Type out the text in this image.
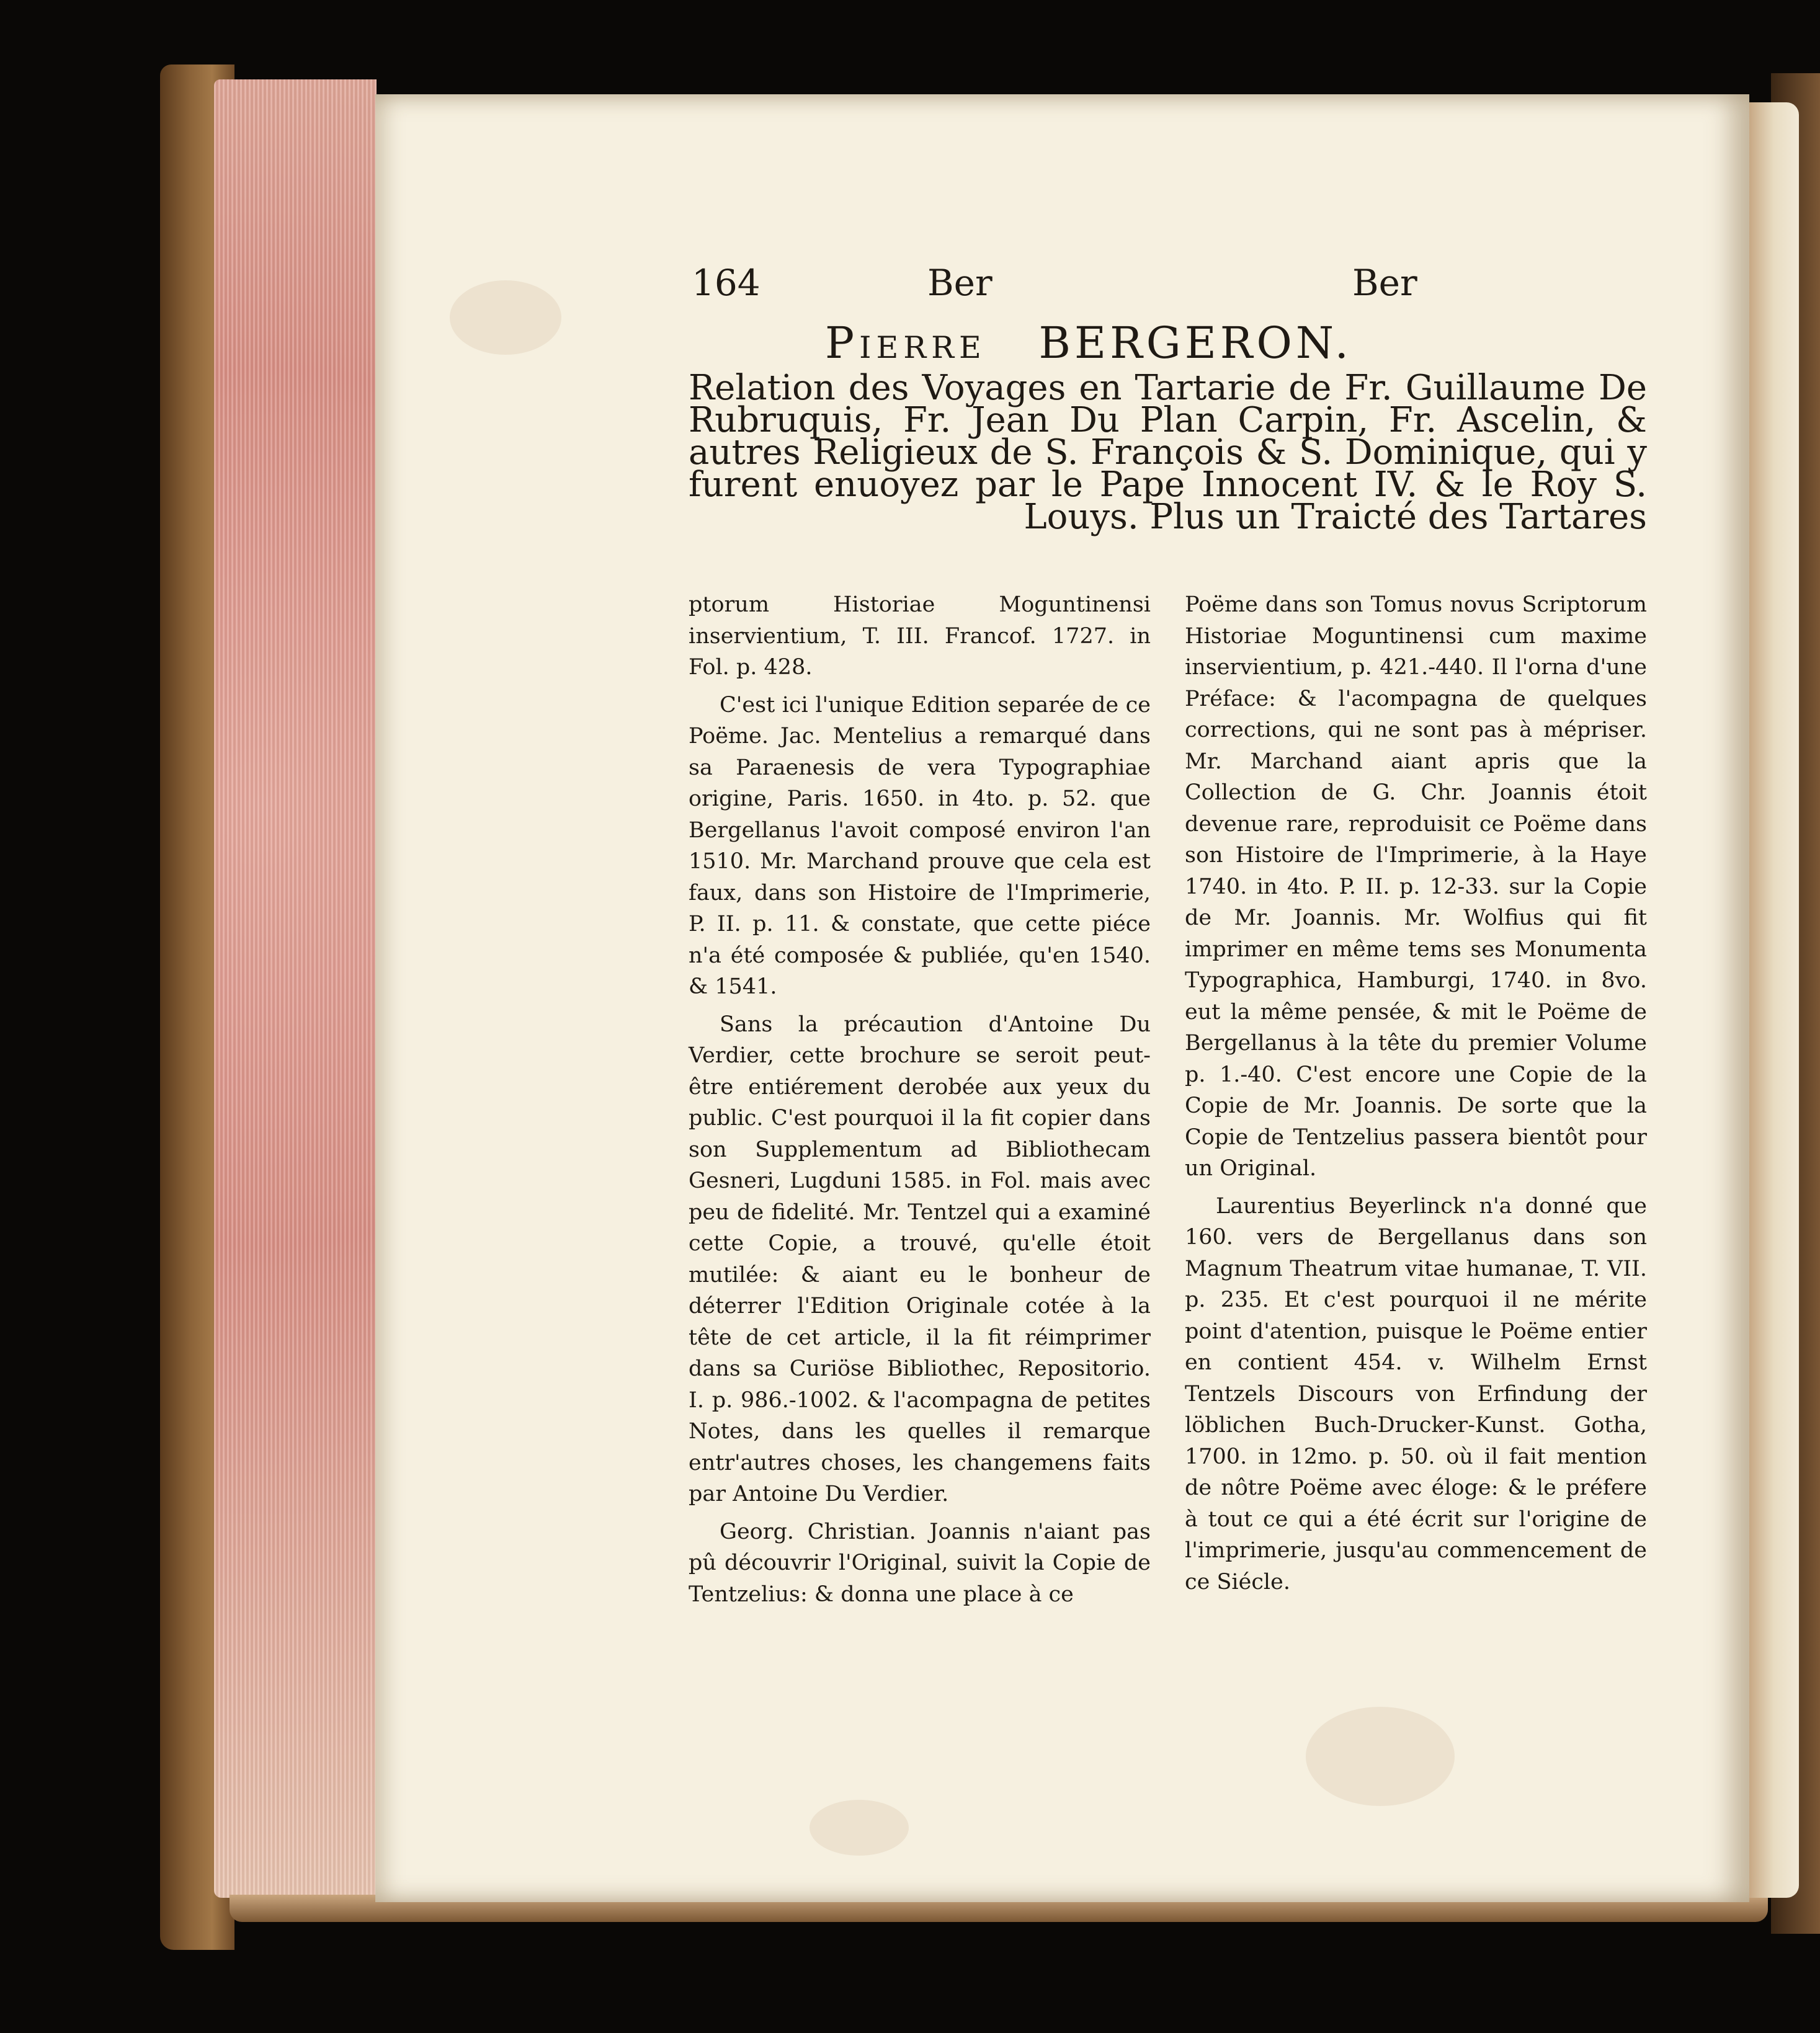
164	Ber	Ber
Pierre BERGERON.

Relation des Voyages en Tartarie de Fr. Guillaume De Rubruquis, Fr. Jean Du Plan Carpin, Fr. Ascelin, & autres Religieux de S. François & S. Dominique, qui y furent enuoyez par le Pape Innocent IV. & le Roy S. Louys. Plus un Traicté des Tartares

ptorum Historiae Moguntinensi inservientium, T. III. Francof. 1727. in Fol. p. 428.

C'est ici l'unique Edition separée de ce Poëme. Jac. Mentelius a remarqué dans sa Paraenesis de vera Typographiae origine, Paris. 1650. in 4to. p. 52. que Bergellanus l'avoit composé environ l'an 1510. Mr. Marchand prouve que cela est faux, dans son Histoire de l'Imprimerie, P. II. p. 11. & constate, que cette piéce n'a été composée & publiée, qu'en 1540. & 1541.

Sans la précaution d'Antoine Du Verdier, cette brochure se seroit peut-être entiérement derobée aux yeux du public. C'est pourquoi il la fit copier dans son Supplementum ad Bibliothecam Gesneri, Lugduni 1585. in Fol. mais avec peu de fidelité. Mr. Tentzel qui a examiné cette Copie, a trouvé, qu'elle étoit mutilée: & aiant eu le bonheur de déterrer l'Edition Originale cotée à la tête de cet article, il la fit réimprimer dans sa Curiöse Bibliothec, Repositorio. I. p. 986.-1002. & l'acompagna de petites Notes, dans les quelles il remarque entr'autres choses, les changemens faits par Antoine Du Verdier.

Georg. Christian. Joannis n'aiant pas pû découvrir l'Original, suivit la Copie de Tentzelius: & donna une place à ce

Poëme dans son Tomus novus Scriptorum Historiae Moguntinensi cum maxime inservientium, p. 421.-440. Il l'orna d'une Préface: & l'acompagna de quelques corrections, qui ne sont pas à mépriser. Mr. Marchand aiant apris que la Collection de G. Chr. Joannis étoit devenue rare, reproduisit ce Poëme dans son Histoire de l'Imprimerie, à la Haye 1740. in 4to. P. II. p. 12-33. sur la Copie de Mr. Joannis. Mr. Wolfius qui fit imprimer en même tems ses Monumenta Typographica, Hamburgi, 1740. in 8vo. eut la même pensée, & mit le Poëme de Bergellanus à la tête du premier Volume p. 1.-40. C'est encore une Copie de la Copie de Mr. Joannis. De sorte que la Copie de Tentzelius passera bientôt pour un Original.

Laurentius Beyerlinck n'a donné que 160. vers de Bergellanus dans son Magnum Theatrum vitae humanae, T. VII. p. 235. Et c'est pourquoi il ne mérite point d'atention, puisque le Poëme entier en contient 454. v. Wilhelm Ernst Tentzels Discours von Erfindung der löblichen Buch-Drucker-Kunst. Gotha, 1700. in 12mo. p. 50. où il fait mention de nôtre Poëme avec éloge: & le préfere à tout ce qui a été écrit sur l'origine de l'imprimerie, jusqu'au commencement de ce Siécle.
